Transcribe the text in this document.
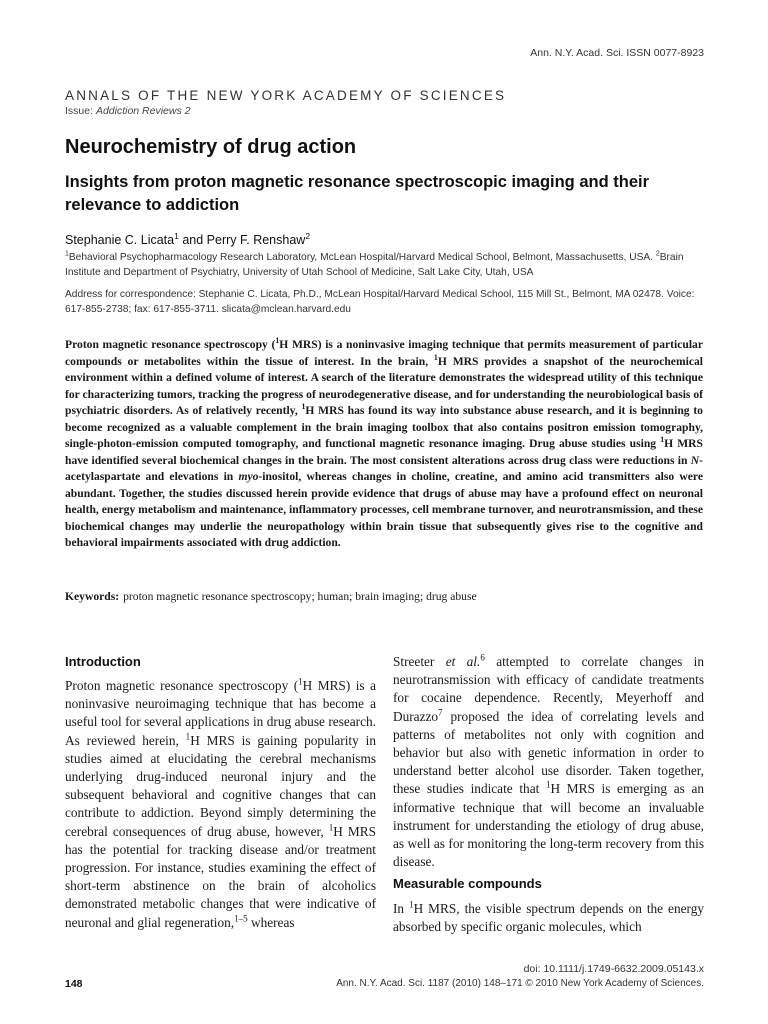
Ann. N.Y. Acad. Sci. ISSN 0077-8923
ANNALS OF THE NEW YORK ACADEMY OF SCIENCES
Issue: Addiction Reviews 2
Neurochemistry of drug action
Insights from proton magnetic resonance spectroscopic imaging and their relevance to addiction
Stephanie C. Licata$^1$ and Perry F. Renshaw$^2$
$^1$Behavioral Psychopharmacology Research Laboratory, McLean Hospital/Harvard Medical School, Belmont, Massachusetts, USA. $^2$Brain Institute and Department of Psychiatry, University of Utah School of Medicine, Salt Lake City, Utah, USA
Address for correspondence: Stephanie C. Licata, Ph.D., McLean Hospital/Harvard Medical School, 115 Mill St., Belmont, MA 02478. Voice: 617-855-2738; fax: 617-855-3711. slicata@mclean.harvard.edu

Proton magnetic resonance spectroscopy ($^1$H MRS) is a noninvasive imaging technique that permits measurement of particular compounds or metabolites within the tissue of interest. In the brain, $^1$H MRS provides a snapshot of the neurochemical environment within a defined volume of interest. A search of the literature demonstrates the widespread utility of this technique for characterizing tumors, tracking the progress of neurodegenerative disease, and for understanding the neurobiological basis of psychiatric disorders. As of relatively recently, $^1$H MRS has found its way into substance abuse research, and it is beginning to become recognized as a valuable complement in the brain imaging toolbox that also contains positron emission tomography, single-photon-emission computed tomography, and functional magnetic resonance imaging. Drug abuse studies using $^1$H MRS have identified several biochemical changes in the brain. The most consistent alterations across drug class were reductions in N-acetylaspartate and elevations in myo-inositol, whereas changes in choline, creatine, and amino acid transmitters also were abundant. Together, the studies discussed herein provide evidence that drugs of abuse may have a profound effect on neuronal health, energy metabolism and maintenance, inflammatory processes, cell membrane turnover, and neurotransmission, and these biochemical changes may underlie the neuropathology within brain tissue that subsequently gives rise to the cognitive and behavioral impairments associated with drug addiction.

Keywords: proton magnetic resonance spectroscopy; human; brain imaging; drug abuse
Introduction

Proton magnetic resonance spectroscopy ($^1$H MRS) is a noninvasive neuroimaging technique that has become a useful tool for several applications in drug abuse research. As reviewed herein, $^1$H MRS is gaining popularity in studies aimed at elucidating the cerebral mechanisms underlying drug-induced neuronal injury and the subsequent behavioral and cognitive changes that can contribute to addiction. Beyond simply determining the cerebral consequences of drug abuse, however, $^1$H MRS has the potential for tracking disease and/or treatment progression. For instance, studies examining the effect of short-term abstinence on the brain of alcoholics demonstrated metabolic changes that were indicative of neuronal and glial regeneration,$^{1-5}$ whereas

Streeter et al.$^6$ attempted to correlate changes in neurotransmission with efficacy of candidate treatments for cocaine dependence. Recently, Meyerhoff and Durazzo$^7$ proposed the idea of correlating levels and patterns of metabolites not only with cognition and behavior but also with genetic information in order to understand better alcohol use disorder. Taken together, these studies indicate that $^1$H MRS is emerging as an informative technique that will become an invaluable instrument for understanding the etiology of drug abuse, as well as for monitoring the long-term recovery from this disease.

Measurable compounds

In $^1$H MRS, the visible spectrum depends on the energy absorbed by specific organic molecules, which

doi: 10.1111/j.1749-6632.2009.05143.x
148	Ann. N.Y. Acad. Sci. 1187 (2010) 148–171 © 2010 New York Academy of Sciences.
